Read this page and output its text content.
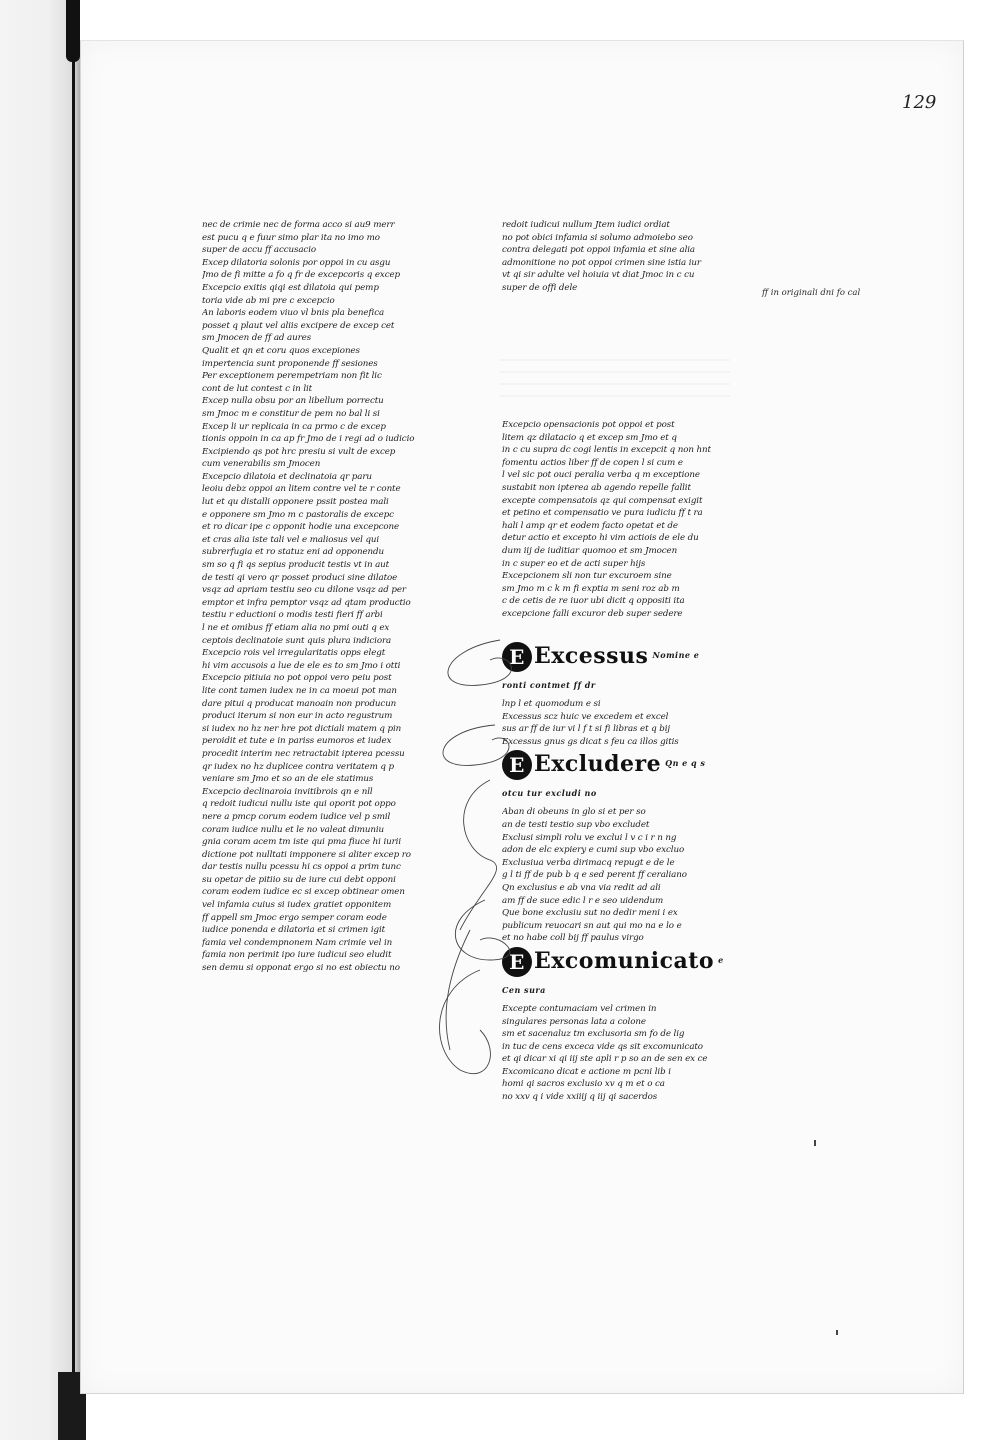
129
ff in originali dni fo cal
nec de crimie nec de forma acco si au9 merr
est pucu q e fuur simo plar ita no imo mo
super de accu ff accusacio
Excep dilatoria solonis por oppoi in cu asgu
Jmo de fi mitte a fo q fr de excepcoris q excep
Excepcio exitis qiqi est dilatoia qui pemp
toria vide ab mi pre c excepcio
An laboris eodem viuo vl bnis pla benefica
posset q plaut vel aliis excipere de excep cet
sm Jmocen de ff ad aures
Qualit et qn et coru quos excepiones
impertencia sunt proponende ff sesiones
Per exceptionem perempetriam non fit lic
cont de lut contest c in lit
Excep nulla obsu por an libellum porrectu
sm Jmoc m e constitur de pem no bal li si
Excep li ur replicaia in ca prmo c de excep
tionis oppoin in ca ap fr Jmo de i regi ad o iudicio
Excipiendo qs pot hrc presiu si vult de excep
cum venerabilis sm Jmocen
Excepcio dilatoia et declinatoia qr paru
leoiu debz oppoi an litem contre vel te r conte
lut et qu distalli opponere pssit postea mali
e opponere sm Jmo m c pastoralis de excepc
et ro dicar ipe c opponit hodie una excepcone
et cras alia iste tali vel e maliosus vel qui
subrerfugia et ro statuz eni ad opponendu
sm so q fi qs sepius producit testis vt in aut
de testi qi vero qr posset produci sine dilatoe
vsqz ad apriam testiu seo cu dilone vsqz ad per
emptor et infra pemptor vsqz ad qtam productio
testiu r eductioni o modis testi fieri ff arbi
l ne et omibus ff etiam alia no pmi outi q ex
ceptois declinatoie sunt quis plura indiciora
Excepcio rois vel irregularitatis opps elegt
hi vim accusois a lue de ele es to sm Jmo i otti
Excepcio pitiuia no pot oppoi vero peiu post
lite cont tamen iudex ne in ca moeui pot man
dare pitui q producat manoain non producun
produci iterum si non eur in acto regustrum
si iudex no hz ner hre pot dictiali matem q pin
peroidit et tute e in pariss eumoros et iudex
procedit interim nec retractabit ipterea pcessu
qr iudex no hz duplicee contra veritatem q p
veniare sm Jmo et so an de ele statimus
Excepcio declinaroia invitibrois qn e nll
q redoit iudicui nullu iste qui oporit pot oppo
nere a pmcp corum eodem iudice vel p smil
coram iudice nullu et le no valeat dimuniu
gnia coram acem tm iste qui pma fiuce hi iurii
dictione pot nulltati impponere si aliter excep ro
dar testis nullu pcessu hi cs oppoi a prim tunc
su opetar de pitiio su de iure cui debt opponi
coram eodem iudice ec si excep obtinear omen
vel infamia cuius si iudex gratiet opponitem
ff appell sm Jmoc ergo semper coram eode
iudice ponenda e dilatoria et si crimen igit
famia vel condempnonem Nam crimie vel in
famia non perimit ipo iure iudicui seo eludit
sen demu si opponat ergo si no est obiectu no
redoit iudicui nullum Jtem iudici ordiat
no pot obici infamia si solumo admoiebo seo
contra delegati pot oppoi infamia et sine alia
admonitione no pot oppoi crimen sine istia iur
vt qi sir adulte vel hoiuia vt diat Jmoc in c cu
super de offi dele
Excepcio opensacionis pot oppoi et post
litem qz dilatacio q et excep sm Jmo et q
in c cu supra dc cogi lentis in excepcit q non hnt
fomentu actios liber ff de copen l si cum e
l vel sic pot ouci peralia verba q m exceptione
sustabit non ipterea ab agendo repelle fallit
excepte compensatois qz qui compensat exigit
et petino et compensatio ve pura iudiciu ff t ra
hali l amp qr et eodem facto opetat et de
detur actio et excepto hi vim actiois de ele du
dum iij de iuditiar quomoo et sm Jmocen
in c super eo et de acti super hijs
Excepcionem sli non tur excuroem sine
sm Jmo m c k m fi exptia m seni roz ab m
c de cetis de re iuor ubi dicit q oppositi ita
excepcione falli excuror deb super sedere
E Excessus $^{Nomine e ronti contmet ff dr}$
lnp l et quomodum e si
Excessus scz huic ve excedem et excel
sus ar ff de iur vi l f t si fi libras et q bij
Excessus gnus gs dicat s feu ca illos gitis
E Excludere $^{Qn e q s otcu tur excludi no}$
Aban di obeuns in glo si et per so
an de testi testio sup vbo excludet
Exclusi simpli rolu ve exclui l v c i r n ng
adon de elc expiery e cumi sup vbo excluo
Exclusiua verba dirimacq repugt e de le
g l ti ff de pub b q e sed perent ff ceraliano
Qn exclusius e ab vna via redit ad ali
am ff de suce edic l r e seo uidendum
Que bone exclusiu sut no dedir meni i ex
publicum reuocari sn aut qui mo na e lo e
et no habe coll bij ff paulus virgo
E Excomunicato $^{e Cen sura}$
Excepte contumaciam vel crimen in
singulares personas lata a colone
sm et sacenaluz tm exclusoria sm fo de lig
in tuc de cens exceca vide qs sit excomunicato
et qi dicar xi qi iij ste apli r p so an de sen ex ce
Excomicano dicat e actione m pcni lib i
homi qi sacros exclusio xv q m et o ca
no xxv q i vide xxiiij q iij qi sacerdos
